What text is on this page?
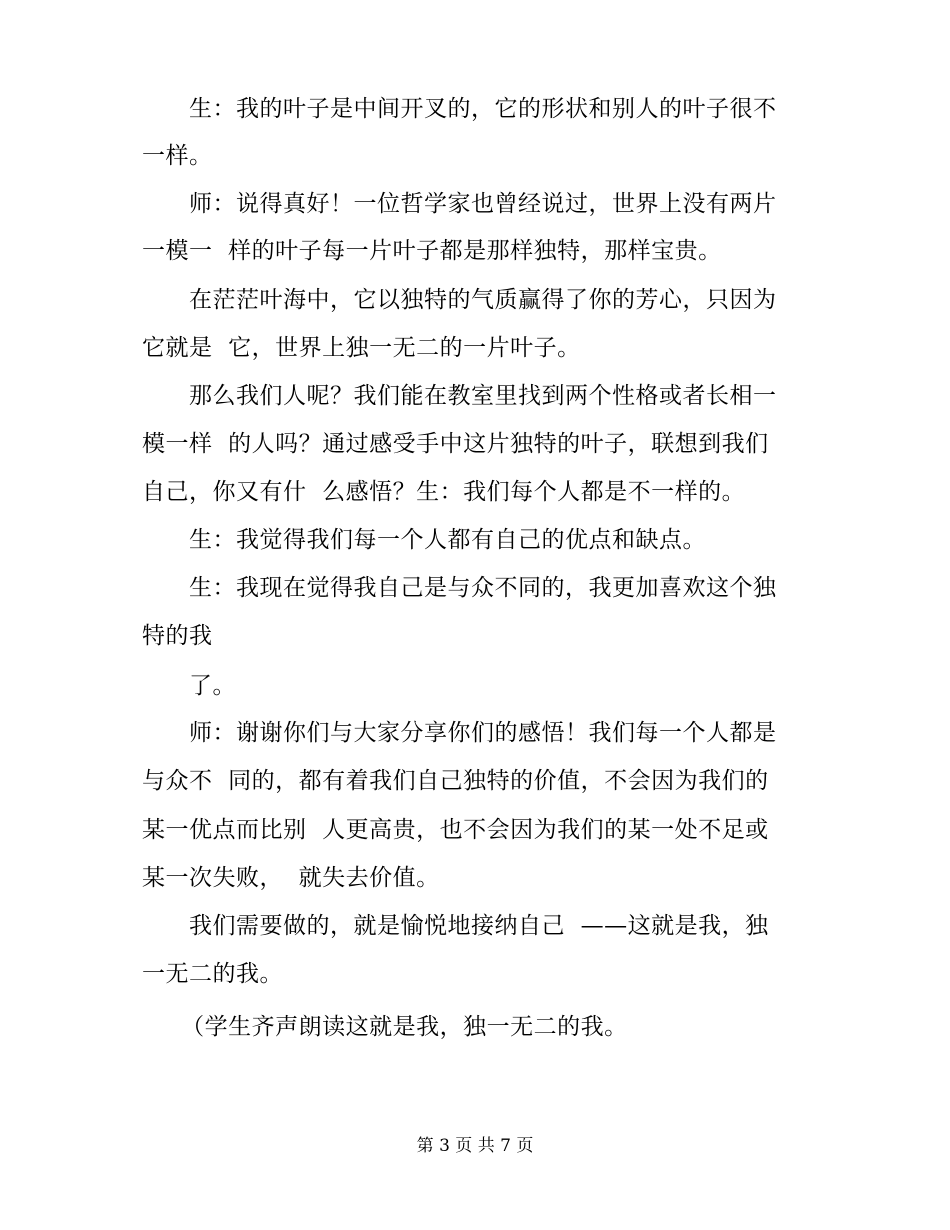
　　生：我的叶子是中间开叉的，它的形状和别人的叶子很不
一样。
　　师：说得真好！一位哲学家也曾经说过，世界上没有两片
一模一  样的叶子每一片叶子都是那样独特，那样宝贵。
　　在茫茫叶海中，它以独特的气质赢得了你的芳心，只因为
它就是  它，世界上独一无二的一片叶子。
　　那么我们人呢？我们能在教室里找到两个性格或者长相一
模一样  的人吗？通过感受手中这片独特的叶子，联想到我们
自己，你又有什  么感悟？生：我们每个人都是不一样的。
　　生：我觉得我们每一个人都有自己的优点和缺点。
　　生：我现在觉得我自己是与众不同的，我更加喜欢这个独
特的我
　　了。
　　师：谢谢你们与大家分享你们的感悟！我们每一个人都是
与众不  同的，都有着我们自己独特的价值，不会因为我们的
某一优点而比别  人更高贵，也不会因为我们的某一处不足或
某一次失败，  就失去价值。
　　我们需要做的，就是愉悦地接纳自己  ——这就是我，独
一无二的我。
　  （学生齐声朗读这就是我，独一无二的我。
第 3 页 共 7 页
